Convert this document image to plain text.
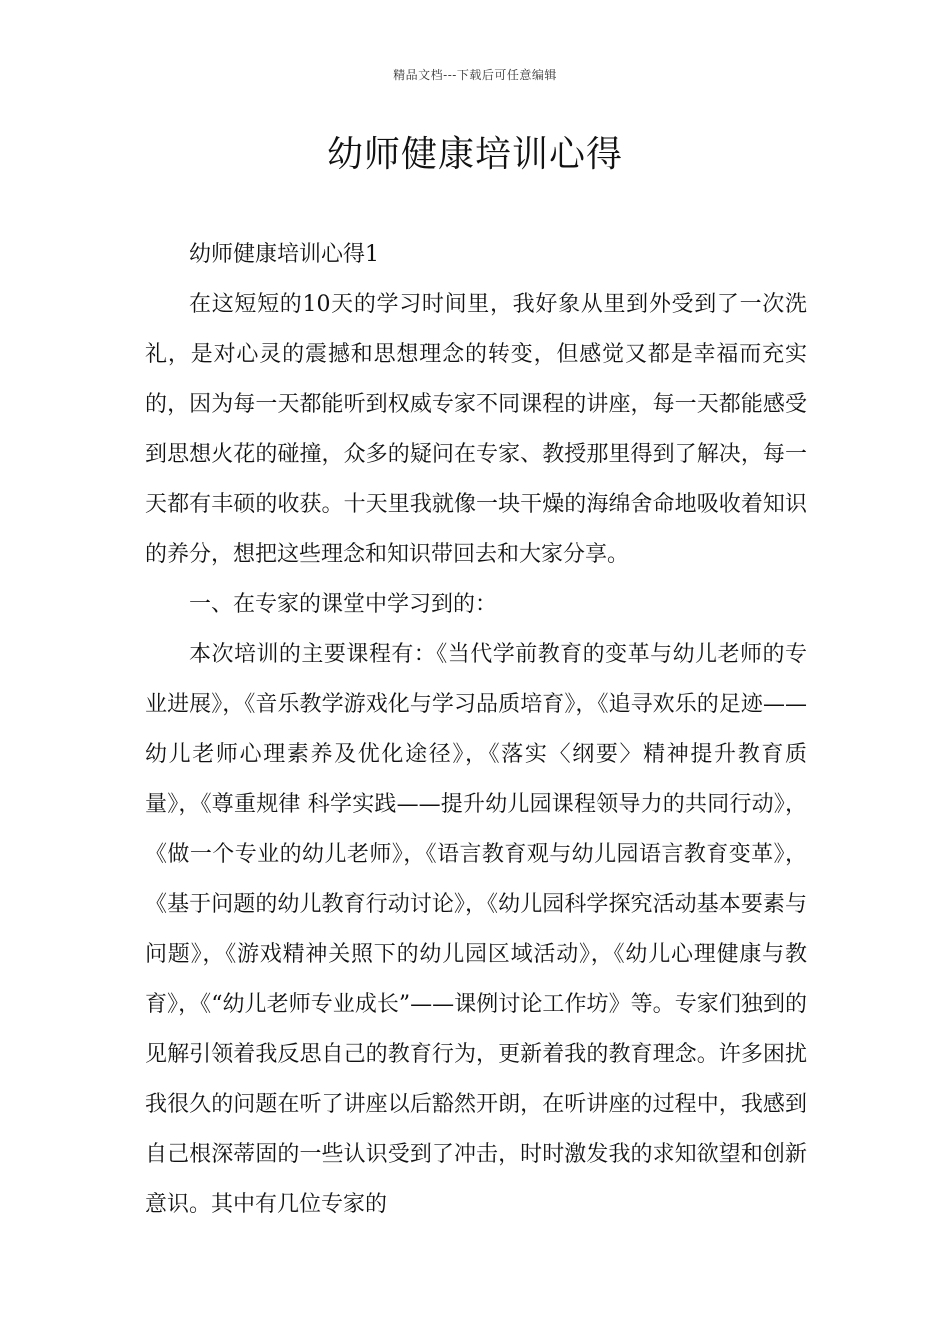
精品文档---下载后可任意编辑
幼师健康培训心得

幼师健康培训心得1

在这短短的10天的学习时间里，我好象从里到外受到了一次洗礼，是对心灵的震撼和思想理念的转变，但感觉又都是幸福而充实的，因为每一天都能听到权威专家不同课程的讲座，每一天都能感受到思想火花的碰撞，众多的疑问在专家、教授那里得到了解决，每一天都有丰硕的收获。十天里我就像一块干燥的海绵舍命地吸收着知识的养分，想把这些理念和知识带回去和大家分享。

一、在专家的课堂中学习到的：

本次培训的主要课程有：《当代学前教育的变革与幼儿老师的专业进展》，《音乐教学游戏化与学习品质培育》，《追寻欢乐的足迹——幼儿老师心理素养及优化途径》，《落实〈纲要〉精神提升教育质量》，《尊重规律 科学实践——提升幼儿园课程领导力的共同行动》，《做一个专业的幼儿老师》，《语言教育观与幼儿园语言教育变革》，《基于问题的幼儿教育行动讨论》，《幼儿园科学探究活动基本要素与问题》，《游戏精神关照下的幼儿园区域活动》，《幼儿心理健康与教育》，《“幼儿老师专业成长”——课例讨论工作坊》等。专家们独到的见解引领着我反思自己的教育行为，更新着我的教育理念。许多困扰我很久的问题在听了讲座以后豁然开朗，在听讲座的过程中，我感到自己根深蒂固的一些认识受到了冲击，时时激发我的求知欲望和创新意识。其中有几位专家的
